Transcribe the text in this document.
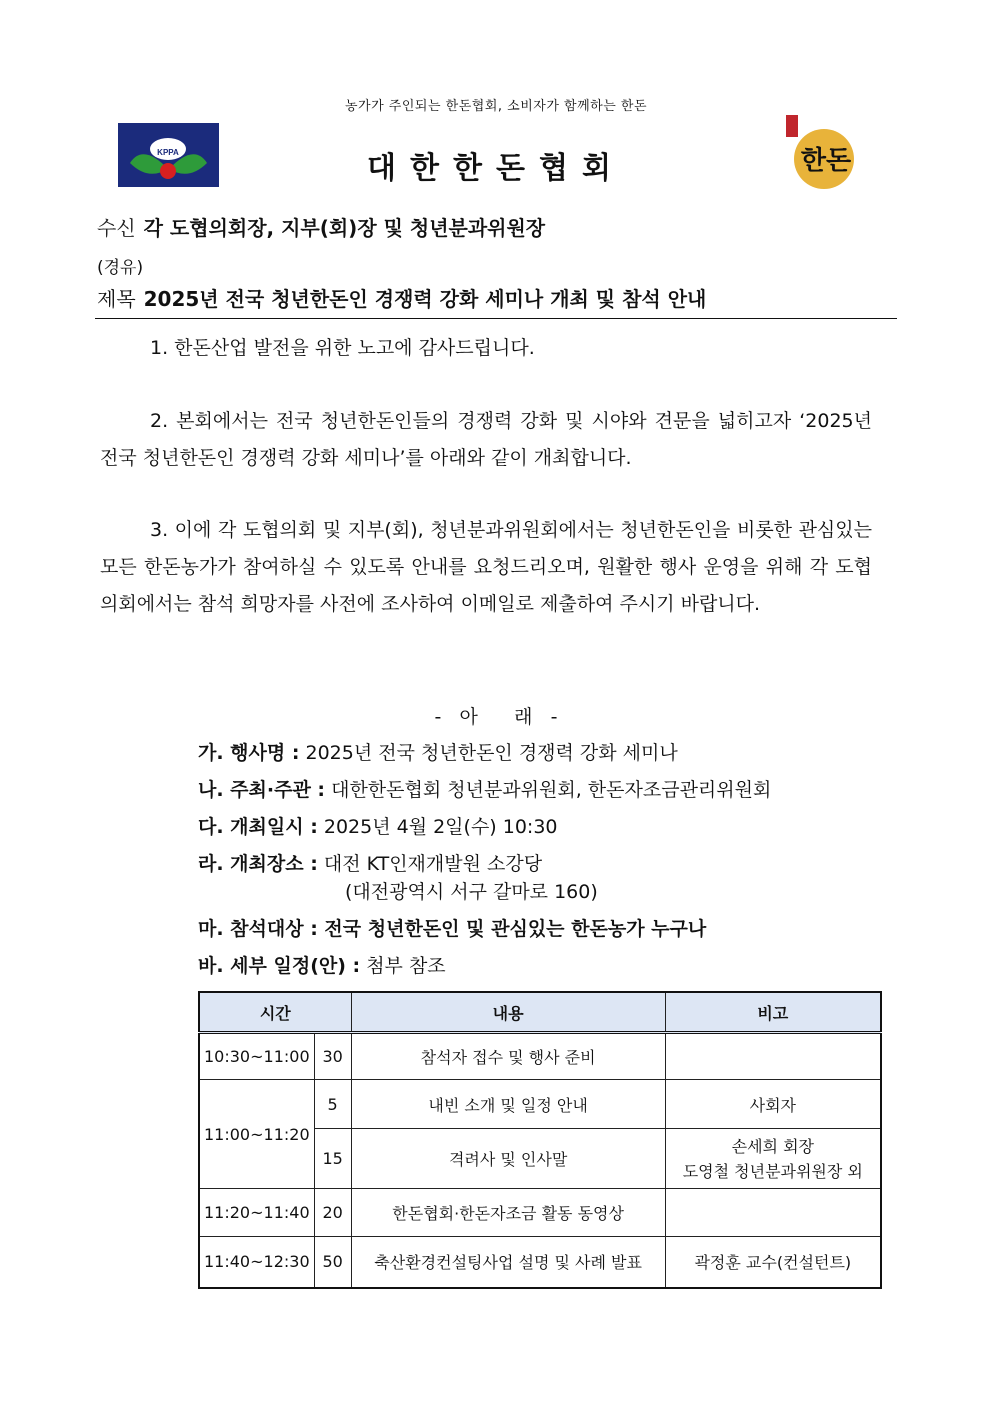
농가가 주인되는 한돈협회, 소비자가 함께하는 한돈
KPPA	대한한돈협회	한돈
수신 각 도협의회장, 지부(회)장 및 청년분과위원장
(경유)
제목 2025년 전국 청년한돈인 경쟁력 강화 세미나 개최 및 참석 안내
1. 한돈산업 발전을 위한 노고에 감사드립니다.
2. 본회에서는 전국 청년한돈인들의 경쟁력 강화 및 시야와 견문을 넓히고자 ‘2025년 전국 청년한돈인 경쟁력 강화 세미나’를 아래와 같이 개최합니다.
3. 이에 각 도협의회 및 지부(회), 청년분과위원회에서는 청년한돈인을 비롯한 관심있는 모든 한돈농가가 참여하실 수 있도록 안내를 요청드리오며, 원활한 행사 운영을 위해 각 도협의회에서는 참석 희망자를 사전에 조사하여 이메일로 제출하여 주시기 바랍니다.
-   아      래   -
가. 행사명 : 2025년 전국 청년한돈인 경쟁력 강화 세미나
나. 주최·주관 : 대한한돈협회 청년분과위원회, 한돈자조금관리위원회
다. 개최일시 : 2025년 4월 2일(수) 10:30
라. 개최장소 : 대전 KT인재개발원 소강당
(대전광역시 서구 갈마로 160)
마. 참석대상 : 전국 청년한돈인 및 관심있는 한돈농가 누구나
바. 세부 일정(안) : 첨부 참조
시간		내용	비고
10:30~11:00	30	참석자 접수 및 행사 준비	
11:00~11:20	5	내빈 소개 및 일정 안내	사회자
	15	격려사 및 인사말	손세희 회장
도영철 청년분과위원장 외

11:20~11:40	20	한돈협회·한돈자조금 활동 동영상	
11:40~12:30	50	축산환경컨설팅사업 설명 및 사례 발표	곽정훈 교수(컨설턴트)
